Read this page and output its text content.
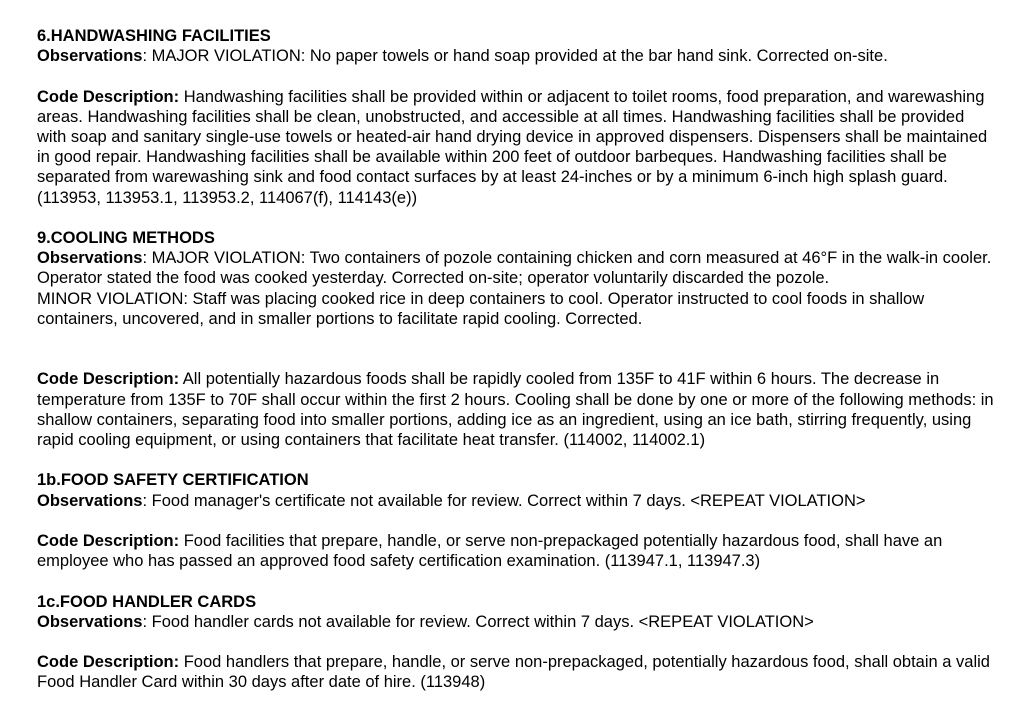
6.HANDWASHING FACILITIES

Observations: MAJOR VIOLATION: No paper towels or hand soap provided at the bar hand sink. Corrected on-site.

Code Description: Handwashing facilities shall be provided within or adjacent to toilet rooms, food preparation, and warewashing areas. Handwashing facilities shall be clean, unobstructed, and accessible at all times. Handwashing facilities shall be provided with soap and sanitary single-use towels or heated-air hand drying device in approved dispensers. Dispensers shall be maintained in good repair. Handwashing facilities shall be available within 200 feet of outdoor barbeques. Handwashing facilities shall be separated from warewashing sink and food contact surfaces by at least 24-inches or by a minimum 6-inch high splash guard. (113953, 113953.1, 113953.2, 114067(f), 114143(e))

9.COOLING METHODS

Observations: MAJOR VIOLATION: Two containers of pozole containing chicken and corn measured at 46°F in the walk-in cooler. Operator stated the food was cooked yesterday. Corrected on-site; operator voluntarily discarded the pozole.

MINOR VIOLATION: Staff was placing cooked rice in deep containers to cool. Operator instructed to cool foods in shallow containers, uncovered, and in smaller portions to facilitate rapid cooling. Corrected.

Code Description: All potentially hazardous foods shall be rapidly cooled from 135F to 41F within 6 hours. The decrease in temperature from 135F to 70F shall occur within the first 2 hours. Cooling shall be done by one or more of the following methods: in shallow containers, separating food into smaller portions, adding ice as an ingredient, using an ice bath, stirring frequently, using rapid cooling equipment, or using containers that facilitate heat transfer. (114002, 114002.1)

1b.FOOD SAFETY CERTIFICATION

Observations: Food manager's certificate not available for review. Correct within 7 days. <REPEAT VIOLATION>

Code Description: Food facilities that prepare, handle, or serve non-prepackaged potentially hazardous food, shall have an employee who has passed an approved food safety certification examination. (113947.1, 113947.3)

1c.FOOD HANDLER CARDS

Observations: Food handler cards not available for review. Correct within 7 days. <REPEAT VIOLATION>

Code Description: Food handlers that prepare, handle, or serve non-prepackaged, potentially hazardous food, shall obtain a valid Food Handler Card within 30 days after date of hire. (113948)
